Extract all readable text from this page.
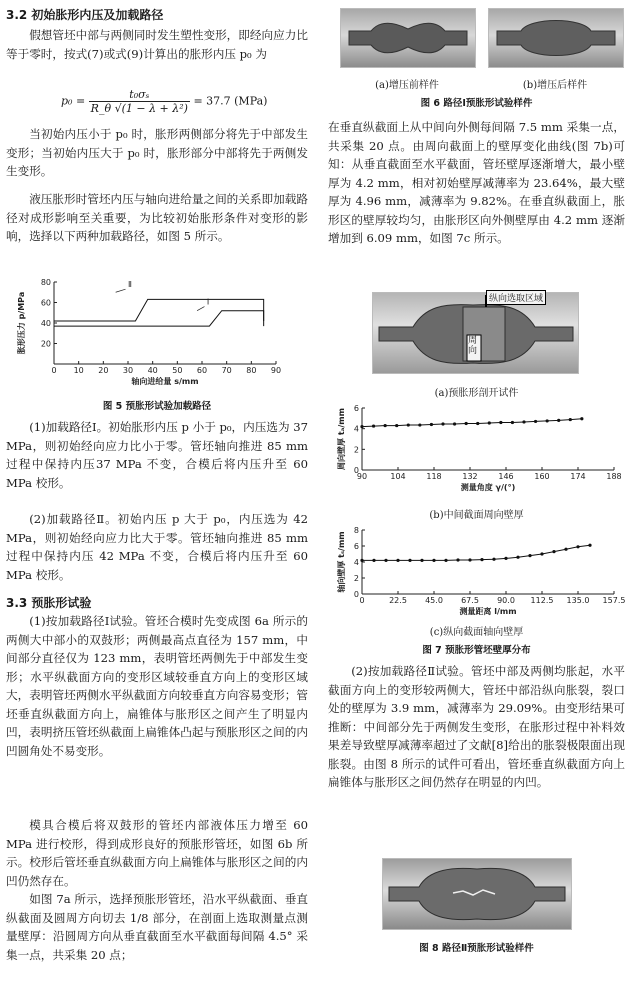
3.2 初始胀形内压及加载路径

假想管坯中部与两侧同时发生塑性变形，即经向应力比等于零时，按式(7)或式(9)计算出的胀形内压 p₀ 为

$p_0 = \frac{\text{t₀σₛ}}{\text{R\_θ √(1 − λ + λ²)}} = 37.7$ (MPa)

当初始内压小于 p₀ 时，胀形两侧部分将先于中部发生变形；当初始内压大于 p₀ 时，胀形部分中部将先于两侧发生变形。

液压胀形时管坯内压与轴向进给量之间的关系即加载路径对成形影响至关重要，为比较初始胀形条件对变形的影响，选择以下两种加载路径，如图 5 所示。

0 10 20 30 40 50 60 70 80 90
20
40
60
80
轴向进给量 s/mm
胀形压力 p/MPa
Ⅱ
Ⅰ
图 5 预胀形试验加载路径

(1)加载路径Ⅰ。初始胀形内压 p 小于 p₀，内压选为 37 MPa，则初始经向应力比小于零。管坯轴向推进 85 mm 过程中保持内压37 MPa 不变，合模后将内压升至 60 MPa 校形。

(2)加载路径Ⅱ。初始内压 p 大于 p₀，内压选为 42 MPa，则初始经向应力比大于零。管坯轴向推进 85 mm 过程中保持内压 42 MPa 不变，合模后将内压升至 60 MPa 校形。

3.3 预胀形试验

(1)按加载路径Ⅰ试验。管坯合模时先变成图 6a 所示的两侧大中部小的双鼓形；两侧最高点直径为 157 mm，中间部分直径仅为 123 mm，表明管坯两侧先于中部发生变形；水平纵截面方向的变形区域较垂直方向上的变形区域大，表明管坯两侧水平纵截面方向较垂直方向容易变形；管坯垂直纵截面方向上，扁锥体与胀形区之间产生了明显内凹，表明挤压管坯纵截面上扁锥体凸起与预胀形区之间的内凹圆角处不易变形。

模具合模后将双鼓形的管坯内部液体压力增至 60 MPa 进行校形，得到成形良好的预胀形管坯，如图 6b 所示。校形后管坯垂直纵截面方向上扁锥体与胀形区之间的内凹仍然存在。

如图 7a 所示，选择预胀形管坯，沿水平纵截面、垂直纵截面及圆周方向切去 1/8 部分，在剖面上选取测量点测量壁厚：沿圆周方向从垂直截面至水平截面每间隔 4.5° 采集一点，共采集 20 点；

(a)增压前样件	(b)增压后样件
图 6 路径Ⅰ预胀形试验样件

在垂直纵截面上从中间向外侧每间隔 7.5 mm 采集一点，共采集 20 点。由周向截面上的壁厚变化曲线(图 7b)可知：从垂直截面至水平截面，管坯壁厚逐渐增大，最小壁厚为 4.2 mm，相对初始壁厚减薄率为 23.64%，最大壁厚为 4.96 mm，减薄率为 9.82%。在垂直纵截面上，胀形区的壁厚较均匀，由胀形区向外侧壁厚由 4.2 mm 逐渐增加到 6.09 mm，如图 7c 所示。

纵向选取区域
周向
(a)预胀形剖开试件
90	104	118	132	146	160	174	188
0
2
4
6
测量角度 γ/(°)
周向壁厚 tₐ/mm
(b)中间截面周向壁厚
0	22.5 45.0 67.5 90.0 112.5 135.0 157.5
0
2
4
6
8
测量距离 l/mm
轴向壁厚 tₛ/mm
(c)纵向截面轴向壁厚
图 7 预胀形管坯壁厚分布

(2)按加载路径Ⅱ试验。管坯中部及两侧均胀起，水平截面方向上的变形较两侧大，管坯中部沿纵向胀裂，裂口处的壁厚为 3.9 mm，减薄率为 29.09%。由变形结果可推断：中间部分先于两侧发生变形，在胀形过程中补料效果差导致壁厚减薄率超过了文献[8]给出的胀裂极限面出现胀裂。由图 8 所示的试件可看出，管坯垂直纵截面方向上扁锥体与胀形区之间仍然存在明显的内凹。

图 8 路径Ⅱ预胀形试验样件
